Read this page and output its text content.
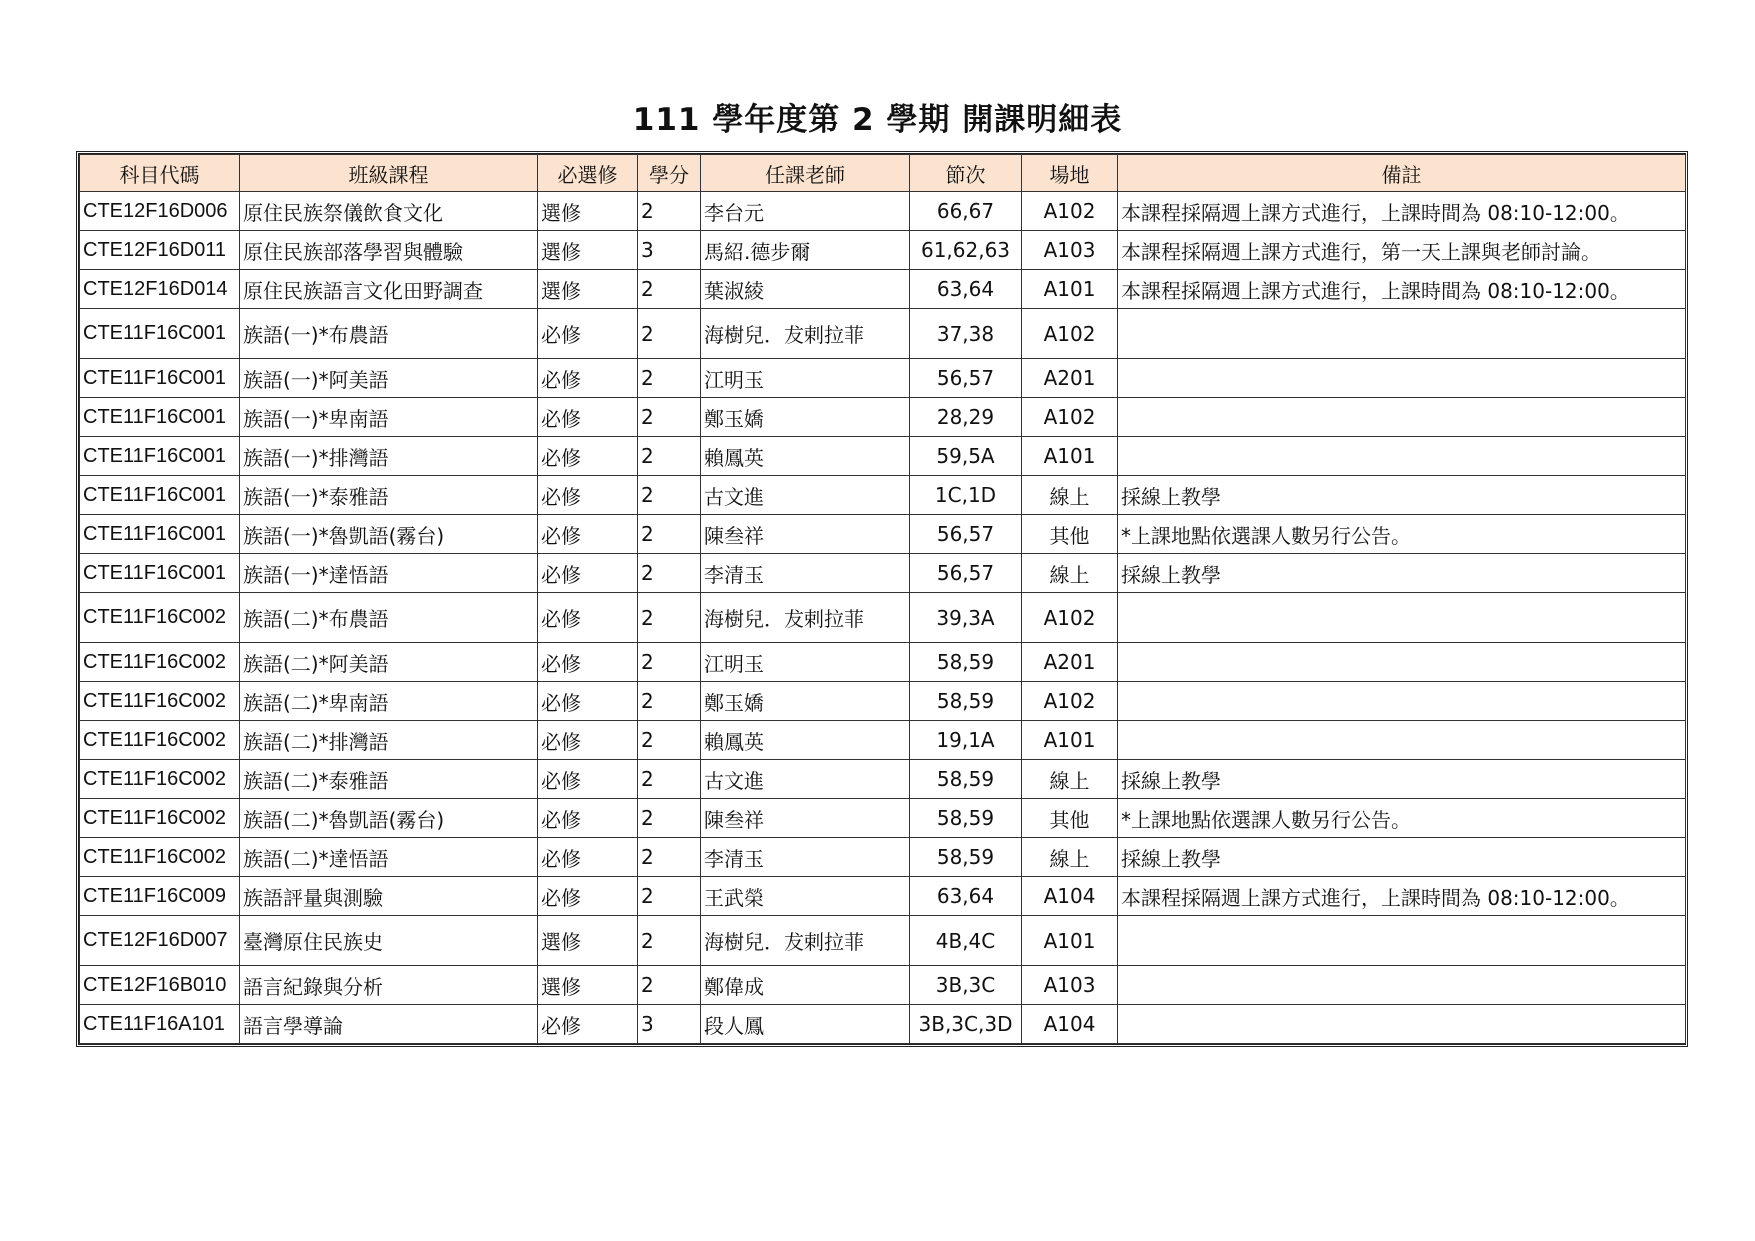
111 學年度第 2 學期 開課明細表
科目代碼	班級課程	必選修	學分	任課老師	節次	場地	備註
CTE12F16D006	原住民族祭儀飲食文化	選修	2	李台元	66,67	A102	本課程採隔週上課方式進行，上課時間為 08:10-12:00。
CTE12F16D011	原住民族部落學習與體驗	選修	3	馬紹.德步爾	61,62,63	A103	本課程採隔週上課方式進行，第一天上課與老師討論。
CTE12F16D014	原住民族語言文化田野調查	選修	2	葉淑綾	63,64	A101	本課程採隔週上課方式進行，上課時間為 08:10-12:00。
CTE11F16C001	族語(一)*布農語	必修	2	海樹兒．犮剌拉菲	37,38	A102	
CTE11F16C001	族語(一)*阿美語	必修	2	江明玉	56,57	A201	
CTE11F16C001	族語(一)*卑南語	必修	2	鄭玉嬌	28,29	A102	
CTE11F16C001	族語(一)*排灣語	必修	2	賴鳳英	59,5A	A101	
CTE11F16C001	族語(一)*泰雅語	必修	2	古文進	1C,1D	線上	採線上教學
CTE11F16C001	族語(一)*魯凱語(霧台)	必修	2	陳叁祥	56,57	其他	*上課地點依選課人數另行公告。
CTE11F16C001	族語(一)*達悟語	必修	2	李清玉	56,57	線上	採線上教學
CTE11F16C002	族語(二)*布農語	必修	2	海樹兒．犮剌拉菲	39,3A	A102	
CTE11F16C002	族語(二)*阿美語	必修	2	江明玉	58,59	A201	
CTE11F16C002	族語(二)*卑南語	必修	2	鄭玉嬌	58,59	A102	
CTE11F16C002	族語(二)*排灣語	必修	2	賴鳳英	19,1A	A101	
CTE11F16C002	族語(二)*泰雅語	必修	2	古文進	58,59	線上	採線上教學
CTE11F16C002	族語(二)*魯凱語(霧台)	必修	2	陳叁祥	58,59	其他	*上課地點依選課人數另行公告。
CTE11F16C002	族語(二)*達悟語	必修	2	李清玉	58,59	線上	採線上教學
CTE11F16C009	族語評量與測驗	必修	2	王武榮	63,64	A104	本課程採隔週上課方式進行，上課時間為 08:10-12:00。
CTE12F16D007	臺灣原住民族史	選修	2	海樹兒．犮剌拉菲	4B,4C	A101	
CTE12F16B010	語言紀錄與分析	選修	2	鄭偉成	3B,3C	A103	
CTE11F16A101	語言學導論	必修	3	段人鳳	3B,3C,3D	A104	
